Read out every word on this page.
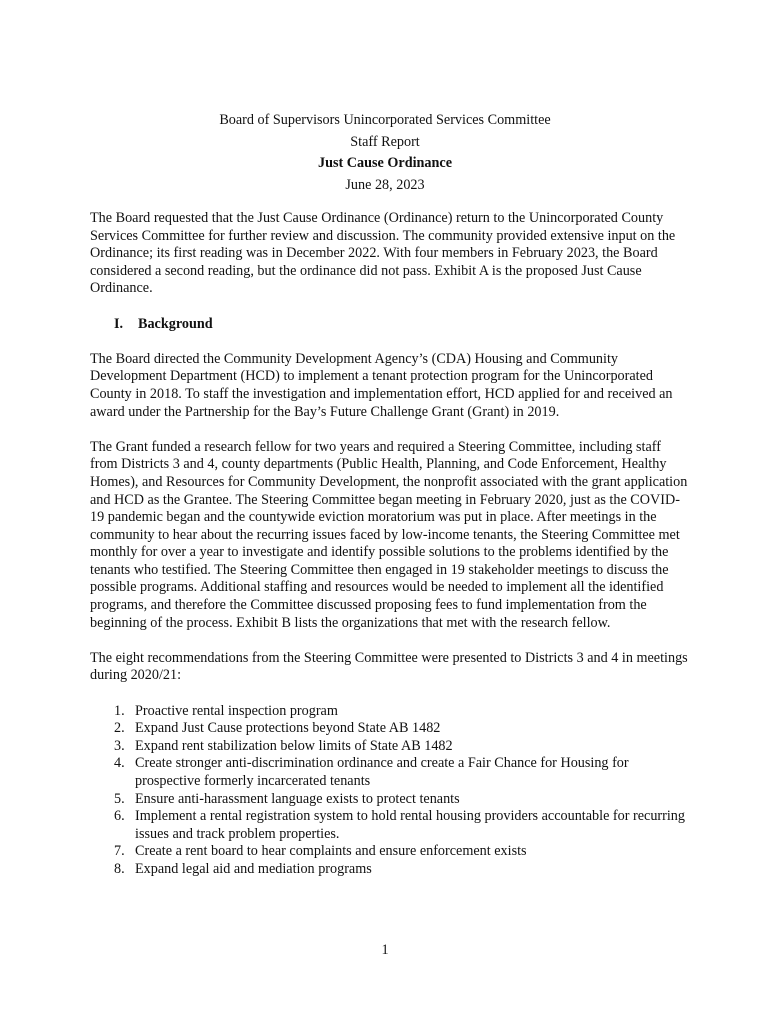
Board of Supervisors Unincorporated Services Committee
Staff Report
Just Cause Ordinance
June 28, 2023

The Board requested that the Just Cause Ordinance (Ordinance) return to the Unincorporated County Services Committee for further review and discussion. The community provided extensive input on the Ordinance; its first reading was in December 2022. With four members in February 2023, the Board considered a second reading, but the ordinance did not pass. Exhibit A is the proposed Just Cause Ordinance.

I. Background

The Board directed the Community Development Agency’s (CDA) Housing and Community Development Department (HCD) to implement a tenant protection program for the Unincorporated County in 2018. To staff the investigation and implementation effort, HCD applied for and received an award under the Partnership for the Bay’s Future Challenge Grant (Grant) in 2019.

The Grant funded a research fellow for two years and required a Steering Committee, including staff from Districts 3 and 4, county departments (Public Health, Planning, and Code Enforcement, Healthy Homes), and Resources for Community Development, the nonprofit associated with the grant application and HCD as the Grantee. The Steering Committee began meeting in February 2020, just as the COVID-19 pandemic began and the countywide eviction moratorium was put in place. After meetings in the community to hear about the recurring issues faced by low-income tenants, the Steering Committee met monthly for over a year to investigate and identify possible solutions to the problems identified by the tenants who testified. The Steering Committee then engaged in 19 stakeholder meetings to discuss the possible programs. Additional staffing and resources would be needed to implement all the identified programs, and therefore the Committee discussed proposing fees to fund implementation from the beginning of the process. Exhibit B lists the organizations that met with the research fellow.

The eight recommendations from the Steering Committee were presented to Districts 3 and 4 in meetings during 2020/21:

1. Proactive rental inspection program
2. Expand Just Cause protections beyond State AB 1482
3. Expand rent stabilization below limits of State AB 1482
4. Create stronger anti-discrimination ordinance and create a Fair Chance for Housing for prospective formerly incarcerated tenants
5. Ensure anti-harassment language exists to protect tenants
6. Implement a rental registration system to hold rental housing providers accountable for recurring issues and track problem properties.
7. Create a rent board to hear complaints and ensure enforcement exists
8. Expand legal aid and mediation programs
1
